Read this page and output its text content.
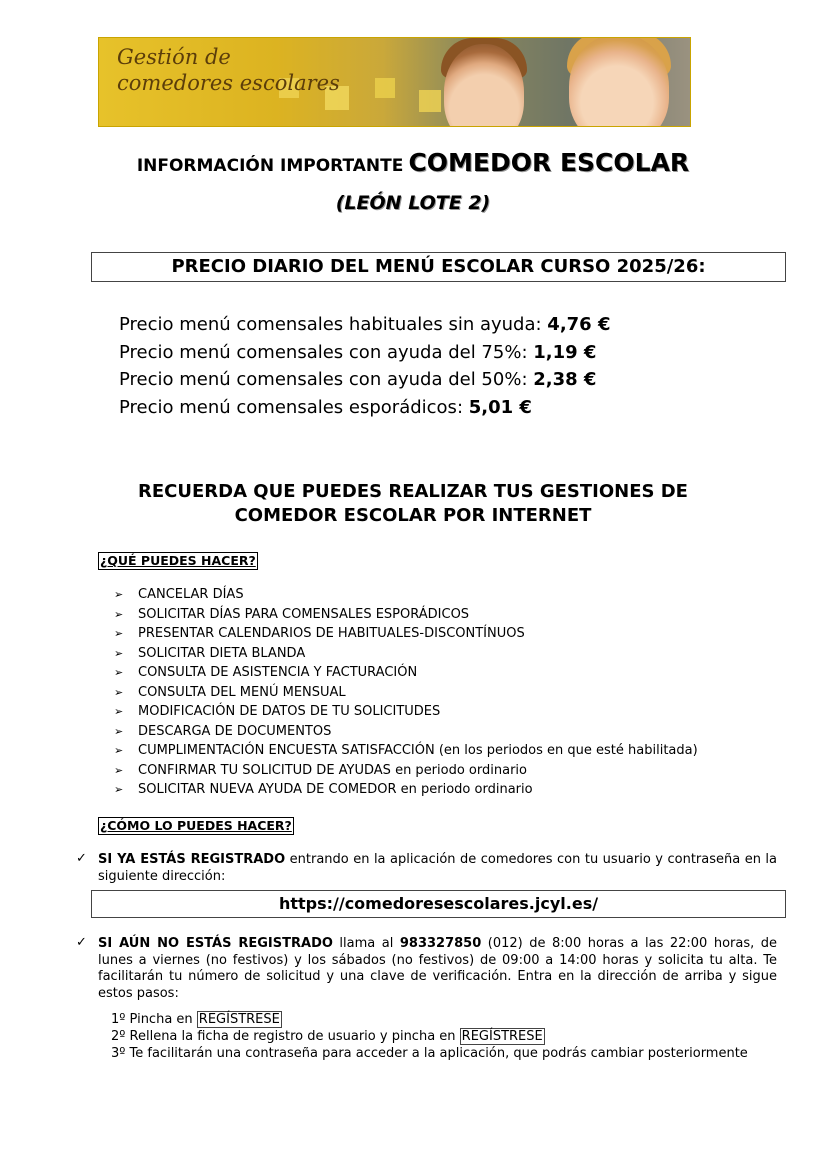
Gestión de
comedores escolares
INFORMACIÓN IMPORTANTE COMEDOR ESCOLAR
(LEÓN LOTE 2)
PRECIO DIARIO DEL MENÚ ESCOLAR CURSO 2025/26:
Precio menú comensales habituales sin ayuda: 4,76 €
Precio menú comensales con ayuda del 75%: 1,19 €
Precio menú comensales con ayuda del 50%: 2,38 €
Precio menú comensales esporádicos: 5,01 €
RECUERDA QUE PUEDES REALIZAR TUS GESTIONES DE
COMEDOR ESCOLAR POR INTERNET
¿QUÉ PUEDES HACER?
➢ CANCELAR DÍAS
➢ SOLICITAR DÍAS PARA COMENSALES ESPORÁDICOS
➢ PRESENTAR CALENDARIOS DE HABITUALES-DISCONTÍNUOS
➢ SOLICITAR DIETA BLANDA
➢ CONSULTA DE ASISTENCIA Y FACTURACIÓN
➢ CONSULTA DEL MENÚ MENSUAL
➢ MODIFICACIÓN DE DATOS DE TU SOLICITUDES
➢ DESCARGA DE DOCUMENTOS
➢ CUMPLIMENTACIÓN ENCUESTA SATISFACCIÓN (en los periodos en que esté habilitada)
➢ CONFIRMAR TU SOLICITUD DE AYUDAS en periodo ordinario
➢ SOLICITAR NUEVA AYUDA DE COMEDOR en periodo ordinario
¿CÓMO LO PUEDES HACER?
✓ SI YA ESTÁS REGISTRADO entrando en la aplicación de comedores con tu usuario y contraseña en la siguiente dirección:
https://comedoresescolares.jcyl.es/
✓ SI AÚN NO ESTÁS REGISTRADO llama al 983327850 (012) de 8:00 horas a las 22:00 horas, de lunes a viernes (no festivos) y los sábados (no festivos) de 09:00 a 14:00 horas y solicita tu alta. Te facilitarán tu número de solicitud y una clave de verificación. Entra en la dirección de arriba y sigue estos pasos:
1º Pincha en REGÍSTRESE
2º Rellena la ficha de registro de usuario y pincha en REGÍSTRESE
3º Te facilitarán una contraseña para acceder a la aplicación, que podrás cambiar posteriormente
